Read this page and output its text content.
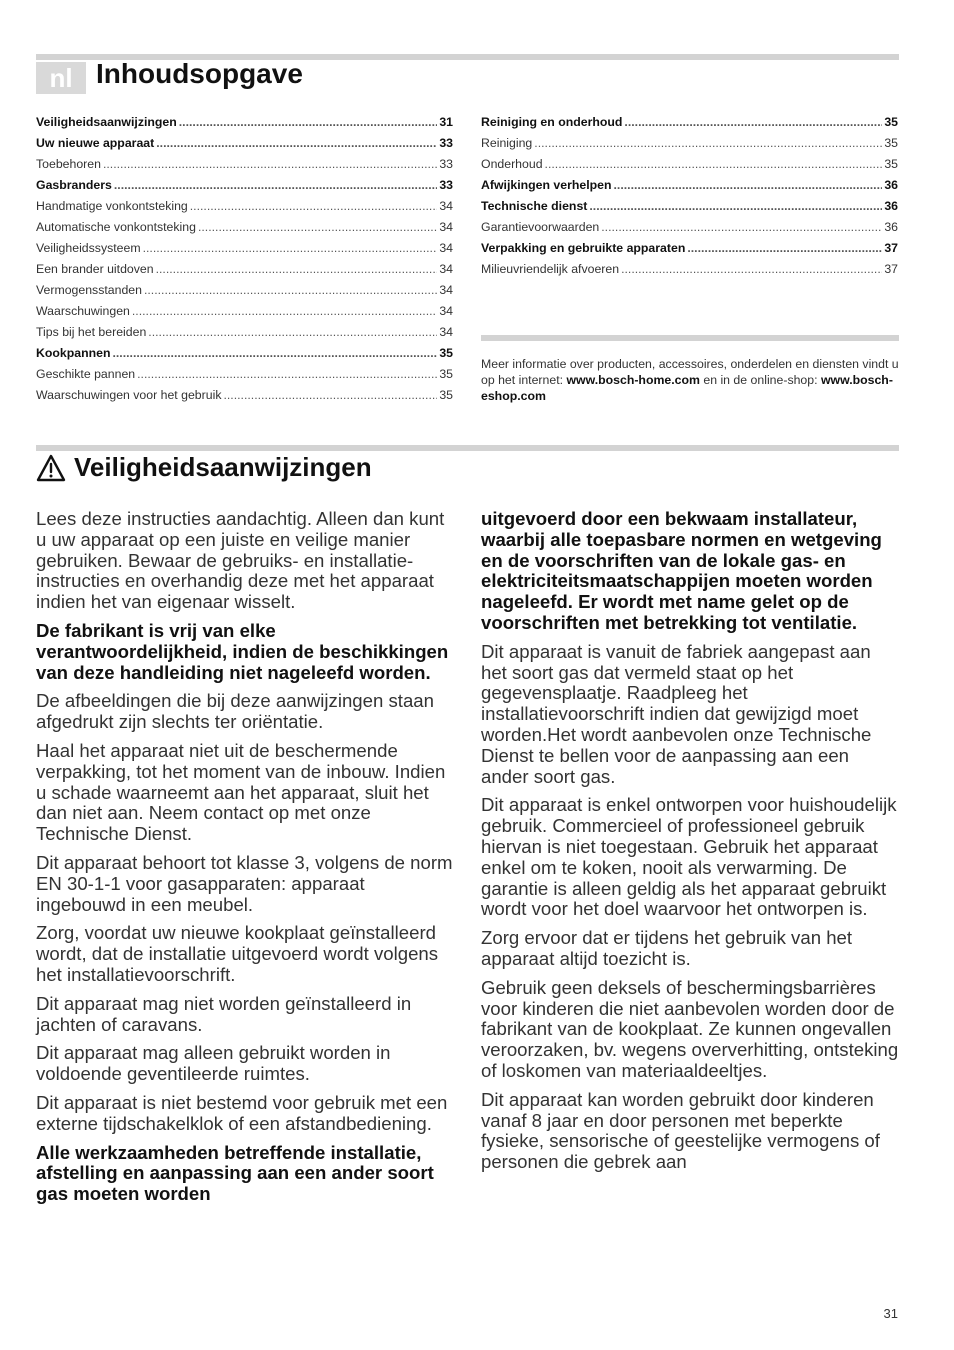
nl Inhoudsopgave
Veiligheidsaanwijzingen .....	31
Uw nieuwe apparaat .....	33
Toebehoren .....	33
Gasbranders .....	33
Handmatige vonkontsteking .....	34
Automatische vonkontsteking .....	34
Veiligheidssysteem .....	34
Een brander uitdoven .....	34
Vermogensstanden .....	34
Waarschuwingen .....	34
Tips bij het bereiden .....	34
Kookpannen .....	35
Geschikte pannen .....	35
Waarschuwingen voor het gebruik .....	35
Reiniging en onderhoud .....	35
Reiniging .....	35
Onderhoud .....	35
Afwijkingen verhelpen .....	36
Technische dienst .....	36
Garantievoorwaarden .....	36
Verpakking en gebruikte apparaten .....	37
Milieuvriendelijk afvoeren .....	37
Meer informatie over producten, accessoires, onderdelen en diensten vindt u op het internet: www.bosch-home.com en in de online-shop: www.bosch-eshop.com
Veiligheidsaanwijzingen

Lees deze instructies aandachtig. Alleen dan kunt u uw apparaat op een juiste en veilige manier gebruiken. Bewaar de gebruiks- en installatie-instructies en overhandig deze met het apparaat indien het van eigenaar wisselt.

De fabrikant is vrij van elke verantwoordelijkheid, indien de beschikkingen van deze handleiding niet nageleefd worden.

De afbeeldingen die bij deze aanwijzingen staan afgedrukt zijn slechts ter oriëntatie.

Haal het apparaat niet uit de beschermende verpakking, tot het moment van de inbouw. Indien u schade waarneemt aan het apparaat, sluit het dan niet aan. Neem contact op met onze Technische Dienst.

Dit apparaat behoort tot klasse 3, volgens de norm EN 30-1-1 voor gasapparaten: apparaat ingebouwd in een meubel.

Zorg, voordat uw nieuwe kookplaat geïnstalleerd wordt, dat de installatie uitgevoerd wordt volgens het installatievoorschrift.

Dit apparaat mag niet worden geïnstalleerd in jachten of caravans.

Dit apparaat mag alleen gebruikt worden in voldoende geventileerde ruimtes.

Dit apparaat is niet bestemd voor gebruik met een externe tijdschakelklok of een afstandbediening.

Alle werkzaamheden betreffende installatie, afstelling en aanpassing aan een ander soort gas moeten worden

uitgevoerd door een bekwaam installateur, waarbij alle toepasbare normen en wetgeving en de voorschriften van de lokale gas- en elektriciteitsmaatschappijen moeten worden nageleefd. Er wordt met name gelet op de voorschriften met betrekking tot ventilatie.

Dit apparaat is vanuit de fabriek aangepast aan het soort gas dat vermeld staat op het gegevensplaatje. Raadpleeg het installatievoorschrift indien dat gewijzigd moet worden.Het wordt aanbevolen onze Technische Dienst te bellen voor de aanpassing aan een ander soort gas.

Dit apparaat is enkel ontworpen voor huishoudelijk gebruik. Commercieel of professioneel gebruik hiervan is niet toegestaan. Gebruik het apparaat enkel om te koken, nooit als verwarming. De garantie is alleen geldig als het apparaat gebruikt wordt voor het doel waarvoor het ontworpen is.

Zorg ervoor dat er tijdens het gebruik van het apparaat altijd toezicht is.

Gebruik geen deksels of beschermingsbarrières voor kinderen die niet aanbevolen worden door de fabrikant van de kookplaat. Ze kunnen ongevallen veroorzaken, bv. wegens oververhitting, ontsteking of loskomen van materiaaldeeltjes.

Dit apparaat kan worden gebruikt door kinderen vanaf 8 jaar en door personen met beperkte fysieke, sensorische of geestelijke vermogens of personen die gebrek aan

31
